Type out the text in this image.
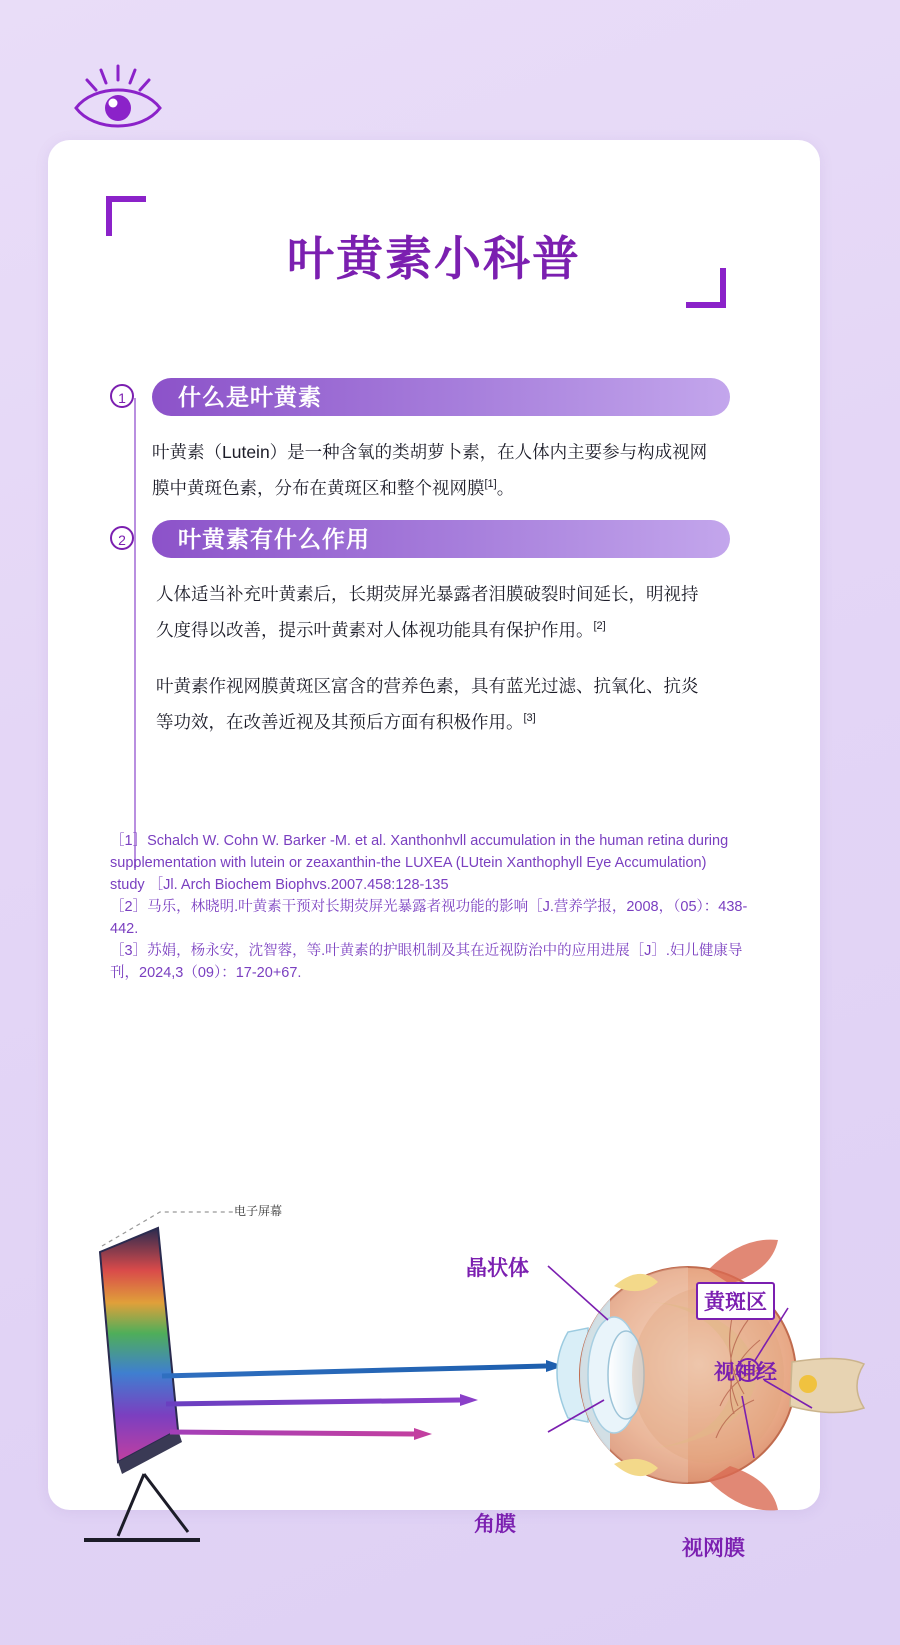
叶黄素小科普
1	什么是叶黄素
叶黄素（Lutein）是一种含氧的类胡萝卜素，在人体内主要参与构成视网膜中黄斑色素，分布在黄斑区和整个视网膜[1]。
2	叶黄素有什么作用
人体适当补充叶黄素后，长期荧屏光暴露者泪膜破裂时间延长，明视持久度得以改善，提示叶黄素对人体视功能具有保护作用。[2]
叶黄素作视网膜黄斑区富含的营养色素，具有蓝光过滤、抗氧化、抗炎等功效，在改善近视及其预后方面有积极作用。[3]

［1］Schalch W. Cohn W. Barker -M. et al. Xanthonhvll accumulation in the human retina during supplementation with lutein or zeaxanthin-the LUXEA (LUtein Xanthophyll Eye Accumulation)

study ［Jl. Arch Biochem Biophvs.2007.458:128-135

［2］马乐，林晓明.叶黄素干预对长期荧屏光暴露者视功能的影响［J.营养学报，2008，（05）：438-442.

［3］苏娟，杨永安，沈智蓉，等.叶黄素的护眼机制及其在近视防治中的应用进展［J］.妇儿健康导刊，2024,3（09）：17-20+67.

电子屏幕
晶状体
黄斑区
视神经
角膜
视网膜
